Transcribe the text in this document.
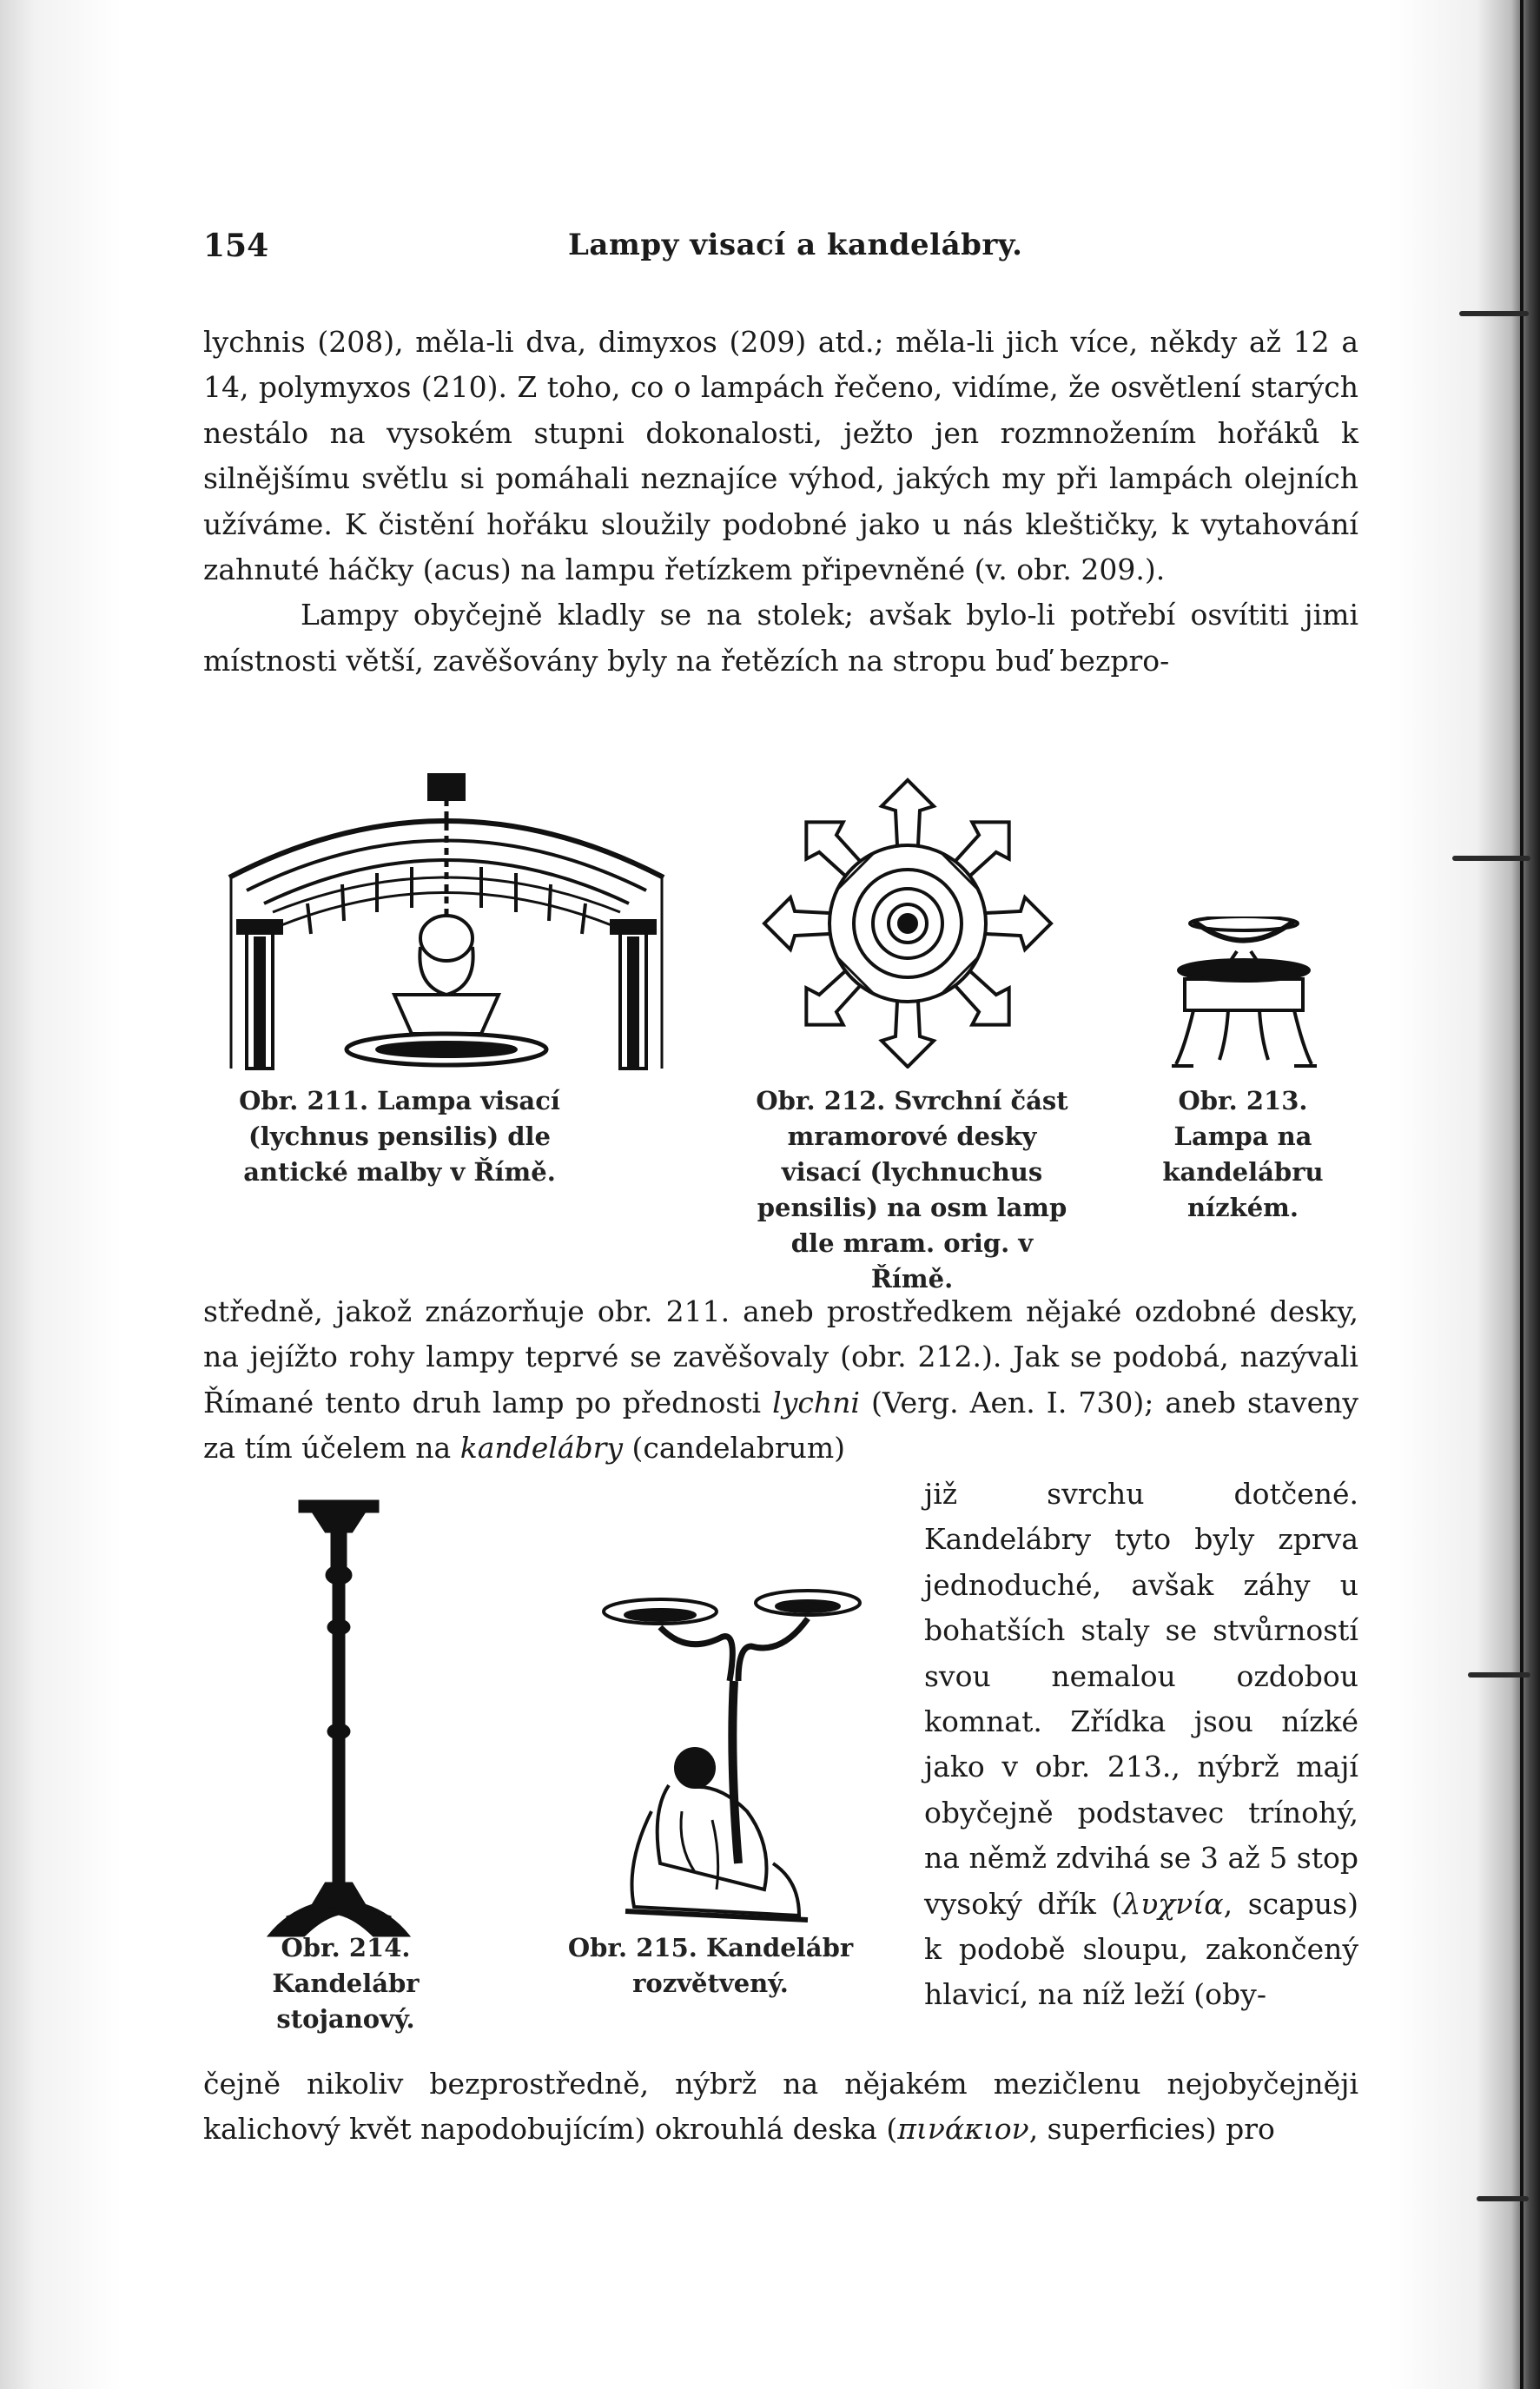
154	Lampy visací a kandelábry.

lychnis (208), měla-li dva, dimyxos (209) atd.; měla-li jich více, někdy až 12 a 14, polymyxos (210). Z toho, co o lampách řečeno, vidíme, že osvětlení starých nestálo na vysokém stupni dokonalosti, ježto jen rozmnožením hořáků k silnějšímu světlu si pomáhali neznajíce výhod, jakých my při lampách olejních užíváme. K čistění hořáku sloužily podobné jako u nás kleštičky, k vytahování zahnuté háčky (acus) na lampu řetízkem připevněné (v. obr. 209.).
Lampy obyčejně kladly se na stolek; avšak bylo-li potřebí osvítiti jimi místnosti větší, zavěšovány byly na řetězích na stropu buď bezpro-

Obr. 211. Lampa visací (lychnus pensilis) dle antické malby v Římě.
Obr. 212. Svrchní část mramorové desky visací (lychnuchus pensilis) na osm lamp dle mram. orig. v Římě.
Obr. 213. Lampa na kandelábru nízkém.

středně, jakož znázorňuje obr. 211. aneb prostředkem nějaké ozdobné desky, na jejížto rohy lampy teprvé se zavěšovaly (obr. 212.). Jak se podobá, nazývali Římané tento druh lamp po přednosti lychni (Verg. Aen. I. 730); aneb staveny za tím účelem na kandelábry (candelabrum)

již svrchu dotčené. Kandelábry tyto byly zprva jednoduché, avšak záhy u bohatších staly se stvůrností svou nemalou ozdobou komnat. Zřídka jsou nízké jako v obr. 213., nýbrž mají obyčejně podstavec trínohý, na němž zdvihá se 3 až 5 stop vysoký dřík (λυχνία, scapus) k podobě sloupu, zakončený hlavicí, na níž leží (oby-

Obr. 214. Kandelábr stojanový.
Obr. 215. Kandelábr rozvětvený.

čejně nikoliv bezprostředně, nýbrž na nějakém mezičlenu nejobyčejněji kalichový květ napodobujícím) okrouhlá deska (πινάκιον, superficies) pro
